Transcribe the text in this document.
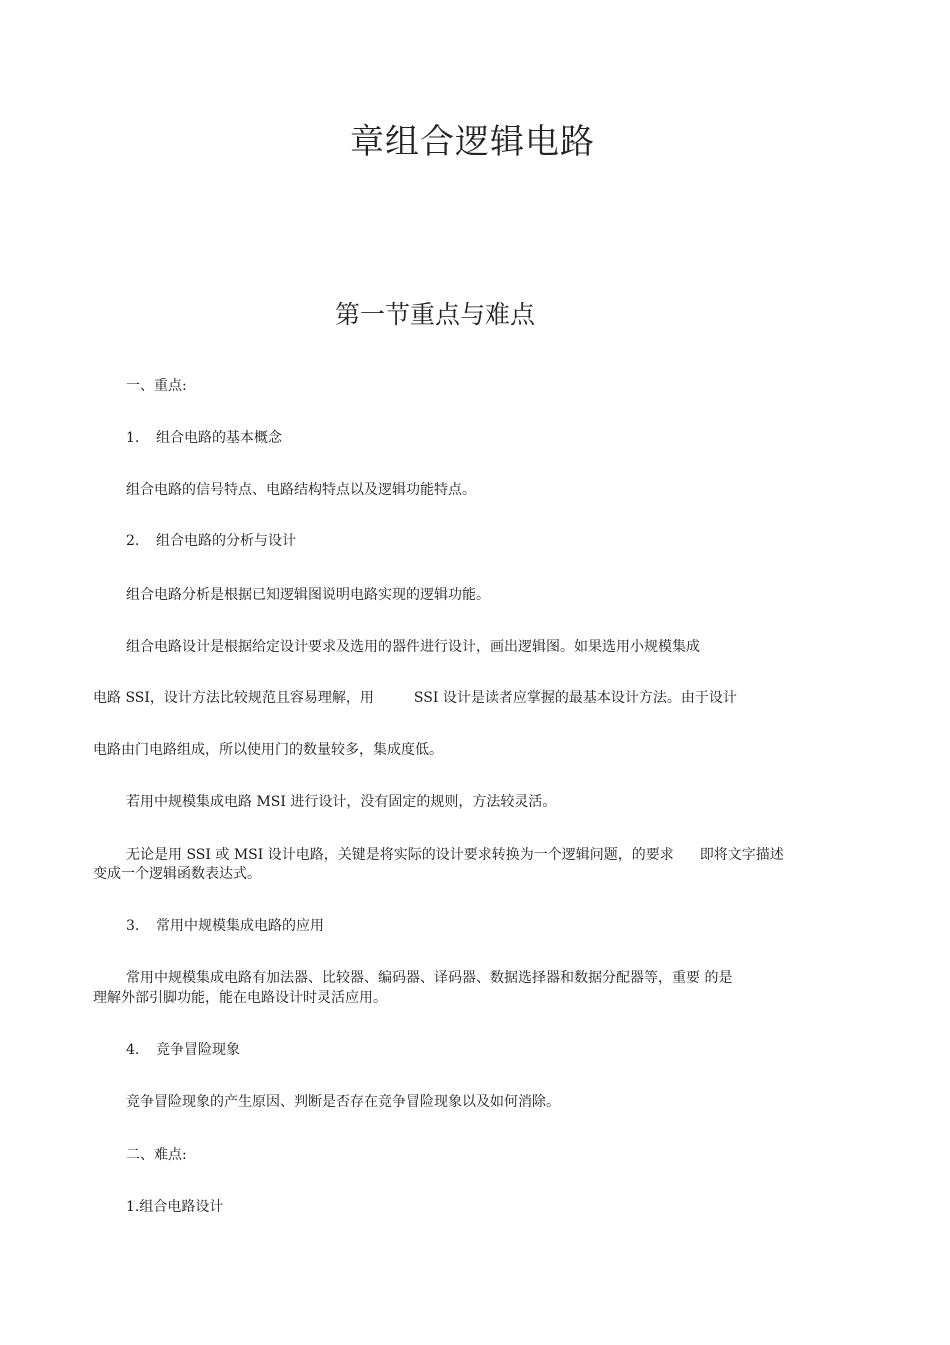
章组合逻辑电路
第一节重点与难点
一、重点:
1. 组合电路的基本概念
组合电路的信号特点、电路结构特点以及逻辑功能特点。
2. 组合电路的分析与设计
组合电路分析是根据已知逻辑图说明电路实现的逻辑功能。
组合电路设计是根据给定设计要求及选用的器件进行设计，画出逻辑图。如果选用小规模集成
电路 SSI，设计方法比较规范且容易理解，用	SSI 设计是读者应掌握的最基本设计方法。由于设计
电路由门电路组成，所以使用门的数量较多，集成度低。
若用中规模集成电路 MSI 进行设计，没有固定的规则，方法较灵活。
无论是用 SSI 或 MSI 设计电路，关键是将实际的设计要求转换为一个逻辑问题，的要求 即将文字描述
变成一个逻辑函数表达式。
3. 常用中规模集成电路的应用
常用中规模集成电路有加法器、比较器、编码器、译码器、数据选择器和数据分配器等，重要 的是
理解外部引脚功能，能在电路设计时灵活应用。
4. 竞争冒险现象
竞争冒险现象的产生原因、判断是否存在竞争冒险现象以及如何消除。
二、难点:
1.组合电路设计
